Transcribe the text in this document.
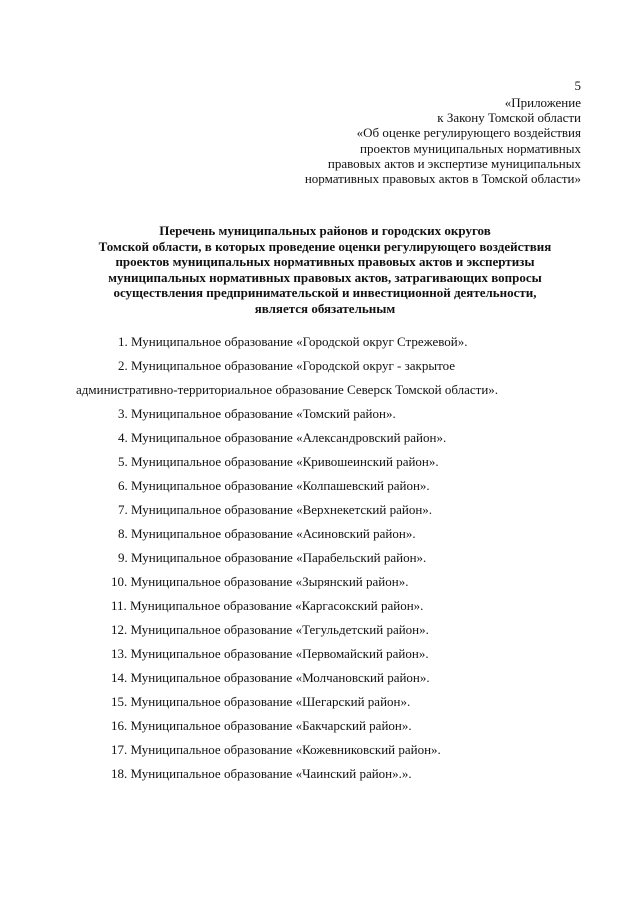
5
«Приложение
к Закону Томской области
«Об оценке регулирующего воздействия
проектов муниципальных нормативных
правовых актов и экспертизе муниципальных
нормативных правовых актов в Томской области»
Перечень муниципальных районов и городских округов
Томской области, в которых проведение оценки регулирующего воздействия
проектов муниципальных нормативных правовых актов и экспертизы
муниципальных нормативных правовых актов, затрагивающих вопросы
осуществления предпринимательской и инвестиционной деятельности,
является обязательным
1. Муниципальное образование «Городской округ Стрежевой».
2. Муниципальное образование «Городской округ - закрытое
административно-территориальное образование Северск Томской области».
3. Муниципальное образование «Томский район».
4. Муниципальное образование «Александровский район».
5. Муниципальное образование «Кривошеинский район».
6. Муниципальное образование «Колпашевский район».
7. Муниципальное образование «Верхнекетский район».
8. Муниципальное образование «Асиновский район».
9. Муниципальное образование «Парабельский район».
10. Муниципальное образование «Зырянский район».
11. Муниципальное образование «Каргасокский район».
12. Муниципальное образование «Тегульдетский район».
13. Муниципальное образование «Первомайский район».
14. Муниципальное образование «Молчановский район».
15. Муниципальное образование «Шегарский район».
16. Муниципальное образование «Бакчарский район».
17. Муниципальное образование «Кожевниковский район».
18. Муниципальное образование «Чаинский район».».
